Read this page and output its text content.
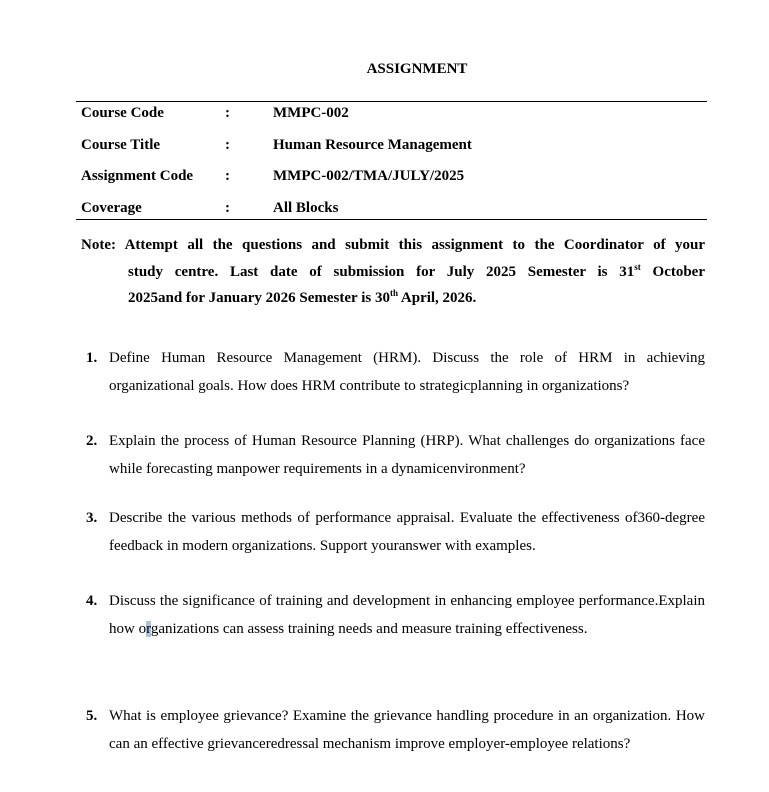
ASSIGNMENT
Course Code	:	MMPC-002
Course Title	:	Human Resource Management
Assignment Code :	MMPC-002/TMA/JULY/2025
Coverage	:	All Blocks

Note: Attempt all the questions and submit this assignment to the Coordinator of your

study centre. Last date of submission for July 2025 Semester is 31st October

2025and for January 2026 Semester is 30th April, 2026.

1. Define Human Resource Management (HRM). Discuss the role of HRM in achieving organizational goals. How does HRM contribute to strategicplanning in organizations?
2. Explain the process of Human Resource Planning (HRP). What challenges do organizations face while forecasting manpower requirements in a dynamicenvironment?
3. Describe the various methods of performance appraisal. Evaluate the effectiveness of360-degree feedback in modern organizations. Support youranswer with examples.
4. Discuss the significance of training and development in enhancing employee performance.Explain how organizations can assess training needs and measure training effectiveness.
5. What is employee grievance? Examine the grievance handling procedure in an organization. How can an effective grievanceredressal mechanism improve employer-employee relations?
